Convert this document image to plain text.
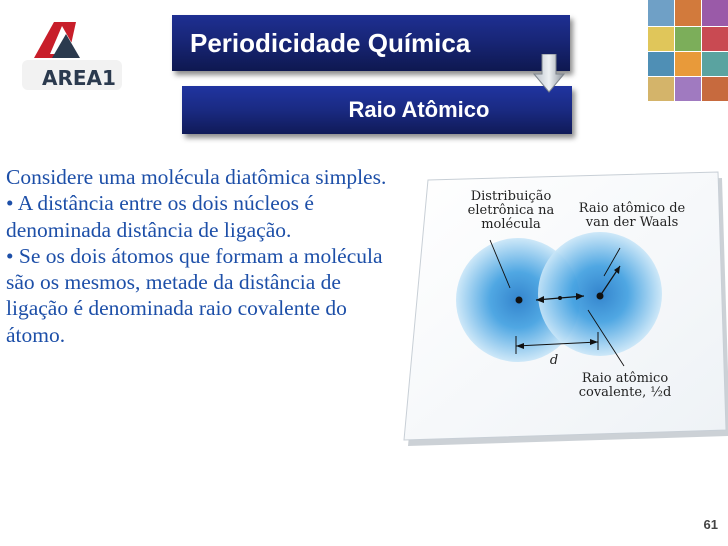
AREA1
Periodicidade Química
Raio Atômico

Considere uma molécula diatômica simples.

• A distância entre os dois núcleos é denominada distância de ligação.

• Se os dois átomos que formam a molécula são os mesmos, metade da distância de ligação é denominada raio covalente do átomo.

Distribuição eletrônica na molécula
Raio atômico de van der Waals
d
Raio atômico covalente, ½d
61
